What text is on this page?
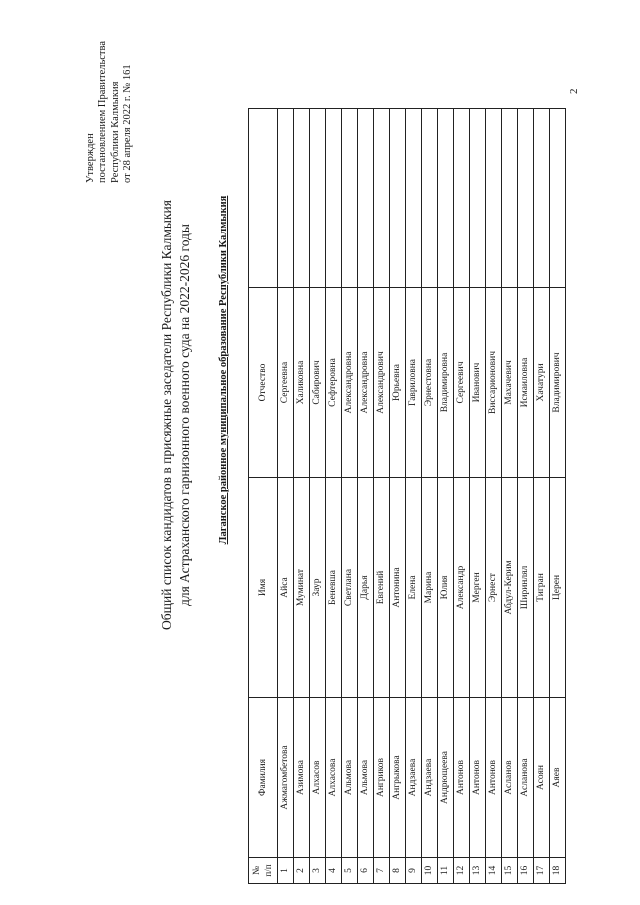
2
Утвержден постановлением Правительства Республики Калмыкия от 28 апреля 2022 г. № 161
Общий список кандидатов в присяжные заседатели Республики Калмыкия для Астраханского гарнизонного военного суда на 2022-2026 годы Лаганское районное муниципальное образование Республики Калмыкия
№ п/п	Фамилия	Имя	Отчество	
1	Ажмагомбетова	Айса	Сергеевна	
2	Азимова	Муминат	Халиковна	
3	Алхасов	Заур	Сабирович	
4	Алхасова	Беневша	Сефтеровна	
5	Альмова	Светлана	Александровна	
6	Альмова	Дарья	Александровна	
7	Ангриков	Евгений	Александрович	
8	Ангрыкова	Антонина	Юрьевна	
9	Андзаева	Елена	Гавриловна	
10	Андзаева	Марина	Эрнестовна	
11	Андрющеева	Юлия	Владимировна	
12	Антонов	Александр	Сергеевич	
13	Антонов	Мерген	Иванович	
14	Антонов	Эрнест	Виссарионович	
15	Асланов	Абдул-Керим	Махачевич	
16	Асланова	Ширинлял	Исмаиловна	
17	Асоян	Тигран	Хачатури	
18	Аяев	Церен	Владимирович	
